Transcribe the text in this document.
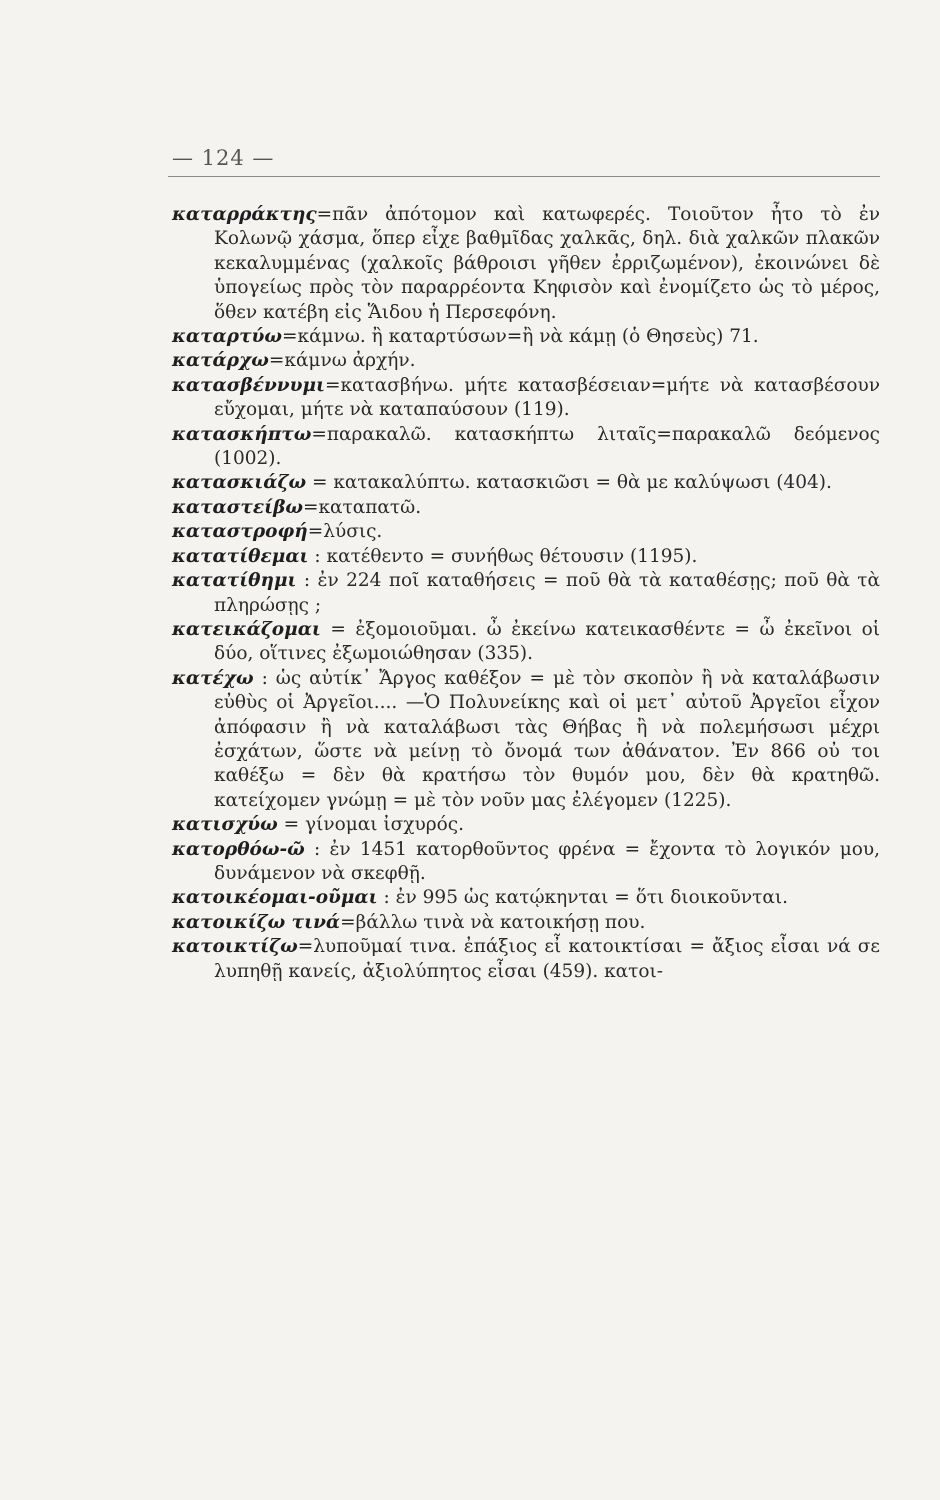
— 124 —

καταρράκτης=πᾶν ἀπότομον καὶ κατωφερές. Τοιοῦτον ἦτο τὸ ἐν Κολωνῷ χάσμα, ὅπερ εἶχε βαθμῖδας χαλκᾶς, δηλ. διὰ χαλκῶν πλακῶν κεκαλυμμένας (χαλκοῖς βάθροισι γῆθεν ἐρριζωμένον), ἐκοινώνει δὲ ὑπογείως πρὸς τὸν παραρρέοντα Κηφισὸν καὶ ἐνομίζετο ὡς τὸ μέρος, ὅθεν κατέβη εἰς Ἅιδου ἡ Περσεφόνη.

καταρτύω=κάμνω. ἢ καταρτύσων=ἢ νὰ κάμῃ (ὁ Θησεὺς) 71.

κατάρχω=κάμνω ἀρχήν.

κατασβέννυμι=κατασβήνω. μήτε κατασβέσειαν=μήτε νὰ κατασβέσουν εὔχομαι, μήτε νὰ καταπαύσουν (119).

κατασκήπτω=παρακαλῶ. κατασκήπτω λιταῖς=παρακαλῶ δεόμενος (1002).

κατασκιάζω = κατακαλύπτω. κατασκιῶσι = θὰ με καλύψωσι (404).

καταστείβω=καταπατῶ.

καταστροφή=λύσις.

κατατίθεμαι : κατέθεντο = συνήθως θέτουσιν (1195).

κατατίθημι : ἐν 224 ποῖ καταθήσεις = ποῦ θὰ τὰ καταθέσῃς; ποῦ θὰ τὰ πληρώσῃς ;

κατεικάζομαι = ἐξομοιοῦμαι. ὦ ἐκείνω κατεικασθέντε = ὦ ἐκεῖνοι οἱ δύο, οἵτινες ἐξωμοιώθησαν (335).

κατέχω : ὡς αὐτίκ᾽ Ἄργος καθέξον = μὲ τὸν σκοπὸν ἢ νὰ καταλάβωσιν εὐθὺς οἱ Ἀργεῖοι.... —Ὁ Πολυνείκης καὶ οἱ μετ᾽ αὐτοῦ Ἀργεῖοι εἶχον ἀπόφασιν ἢ νὰ καταλάβωσι τὰς Θήβας ἢ νὰ πολεμήσωσι μέχρι ἐσχάτων, ὥστε νὰ μείνῃ τὸ ὄνομά των ἀθάνατον. Ἐν 866 οὐ τοι καθέξω = δὲν θὰ κρατήσω τὸν θυμόν μου, δὲν θὰ κρατηθῶ. κατείχομεν γνώμῃ = μὲ τὸν νοῦν μας ἐλέγομεν (1225).

κατισχύω = γίνομαι ἰσχυρός.

κατορθόω-ῶ : ἐν 1451 κατορθοῦντος φρένα = ἔχοντα τὸ λογικόν μου, δυνάμενον νὰ σκεφθῇ.

κατοικέομαι-οῦμαι : ἐν 995 ὡς κατῴκηνται = ὅτι διοικοῦνται.

κατοικίζω τινά=βάλλω τινὰ νὰ κατοικήσῃ που.

κατοικτίζω=λυποῦμαί τινα. ἐπάξιος εἶ κατοικτίσαι = ἄξιος εἶσαι νά σε λυπηθῇ κανείς, ἀξιολύπητος εἶσαι (459). κατοι-
